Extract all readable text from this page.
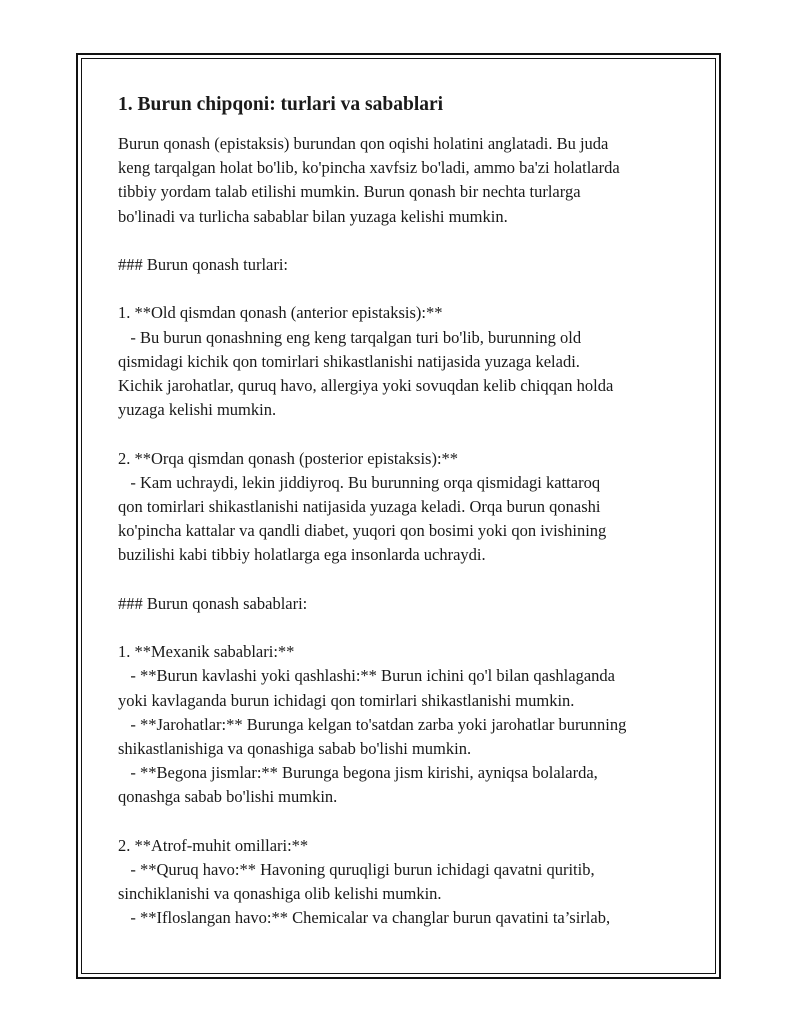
1. Burun chipqoni: turlari va sabablari

Burun qonash (epistaksis) burundan qon oqishi holatini anglatadi. Bu juda

keng tarqalgan holat bo'lib, ko'pincha xavfsiz bo'ladi, ammo ba'zi holatlarda

tibbiy yordam talab etilishi mumkin. Burun qonash bir nechta turlarga

bo'linadi va turlicha sabablar bilan yuzaga kelishi mumkin.

### Burun qonash turlari:

1. **Old qismdan qonash (anterior epistaksis):**

- Bu burun qonashning eng keng tarqalgan turi bo'lib, burunning old

qismidagi kichik qon tomirlari shikastlanishi natijasida yuzaga keladi.

Kichik jarohatlar, quruq havo, allergiya yoki sovuqdan kelib chiqqan holda

yuzaga kelishi mumkin.

2. **Orqa qismdan qonash (posterior epistaksis):**

- Kam uchraydi, lekin jiddiyroq. Bu burunning orqa qismidagi kattaroq

qon tomirlari shikastlanishi natijasida yuzaga keladi. Orqa burun qonashi

ko'pincha kattalar va qandli diabet, yuqori qon bosimi yoki qon ivishining

buzilishi kabi tibbiy holatlarga ega insonlarda uchraydi.

### Burun qonash sabablari:

1. **Mexanik sabablari:**

- **Burun kavlashi yoki qashlashi:** Burun ichini qo'l bilan qashlaganda

yoki kavlaganda burun ichidagi qon tomirlari shikastlanishi mumkin.

- **Jarohatlar:** Burunga kelgan to'satdan zarba yoki jarohatlar burunning

shikastlanishiga va qonashiga sabab bo'lishi mumkin.

- **Begona jismlar:** Burunga begona jism kirishi, ayniqsa bolalarda,

qonashga sabab bo'lishi mumkin.

2. **Atrof-muhit omillari:**

- **Quruq havo:** Havoning quruqligi burun ichidagi qavatni quritib,

sinchiklanishi va qonashiga olib kelishi mumkin.

- **Ifloslangan havo:** Chemicalar va changlar burun qavatini ta’sirlab,
